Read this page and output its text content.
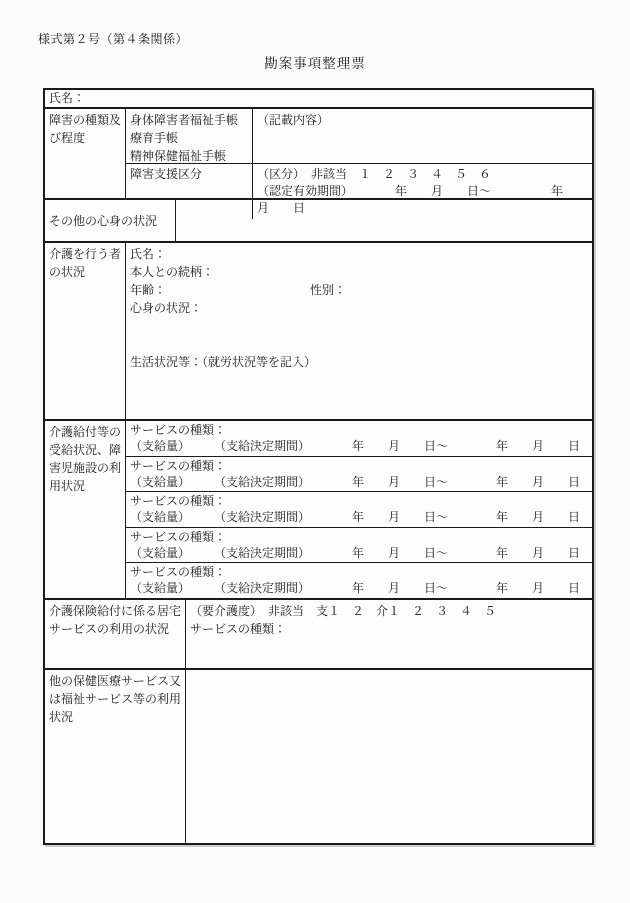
様式第２号（第４条関係）
勘案事項整理票
氏名：
障害の種類及び程度
身体障害者福祉手帳
療育手帳
精神保健福祉手帳
（記載内容）
障害支援区分	（区分）　非該当　１　２　３　４　５　６
（認定有効期間）　　　　年　　月　　日～　　　　　年　　月　　日
その他の心身の状況
介護を行う者の状況
氏名：
本人との続柄：
年齢：	性別：
心身の状況：
生活状況等：（就労状況等を記入）
介護給付等の受給状況、障害児施設の利用状況
サービスの種類：
（支給量）　　　（支給決定期間）　　　　年　　月　　日～　　　　年　　月　　日
サービスの種類：
（支給量）　　　（支給決定期間）　　　　年　　月　　日～　　　　年　　月　　日
サービスの種類：
（支給量）　　　（支給決定期間）　　　　年　　月　　日～　　　　年　　月　　日
サービスの種類：
（支給量）　　　（支給決定期間）　　　　年　　月　　日～　　　　年　　月　　日
サービスの種類：
（支給量）　　　（支給決定期間）　　　　年　　月　　日～　　　　年　　月　　日
介護保険給付に係る居宅サービスの利用の状況
（要介護度）　非該当　支１　２　介１　２　３　４　５
サービスの種類：
他の保健医療サービス又は福祉サービス等の利用状況
